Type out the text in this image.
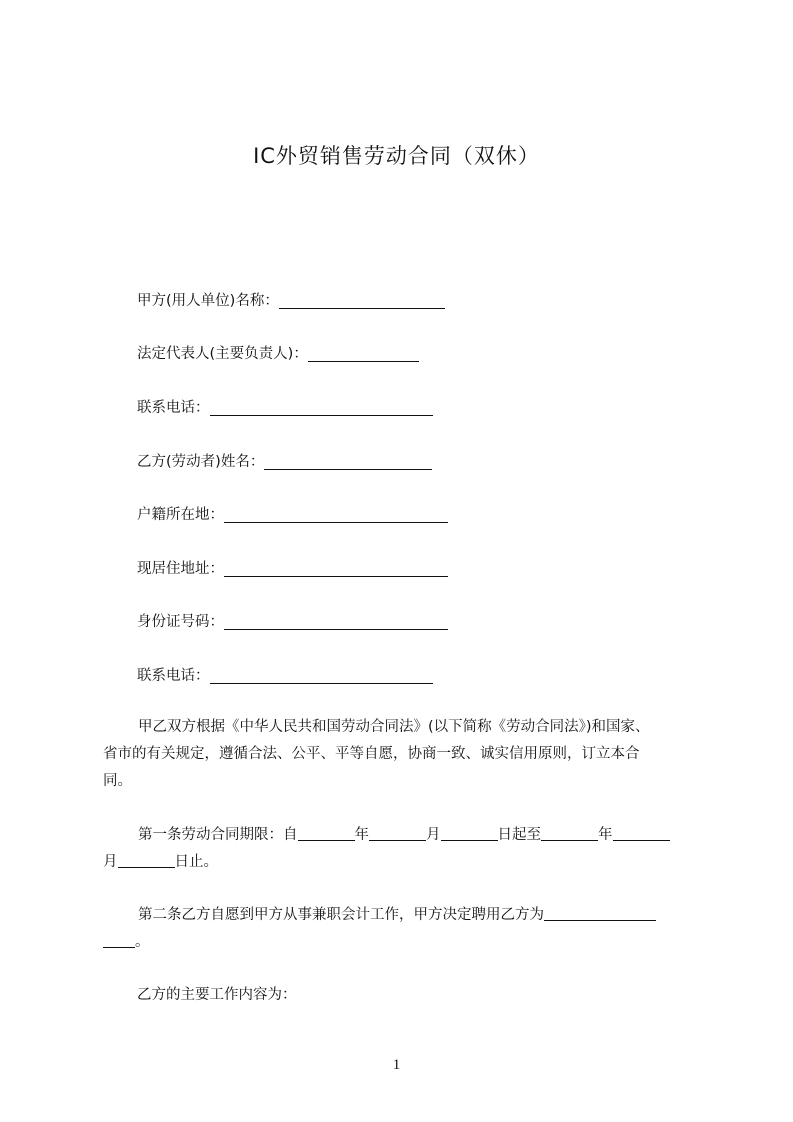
IC外贸销售劳动合同（双休）
甲方(用人单位)名称：
法定代表人(主要负责人)：
联系电话：
乙方(劳动者)姓名：
户籍所在地：
现居住地址：
身份证号码：
联系电话：
甲乙双方根据《中华人民共和国劳动合同法》(以下简称《劳动合同法》)和国家、
省市的有关规定，遵循合法、公平、平等自愿，协商一致、诚实信用原则，订立本合
同。
第一条劳动合同期限：自	年	月	日起至	年
月	日止。
第二条乙方自愿到甲方从事兼职会计工作，甲方决定聘用乙方为
。
乙方的主要工作内容为：
1
